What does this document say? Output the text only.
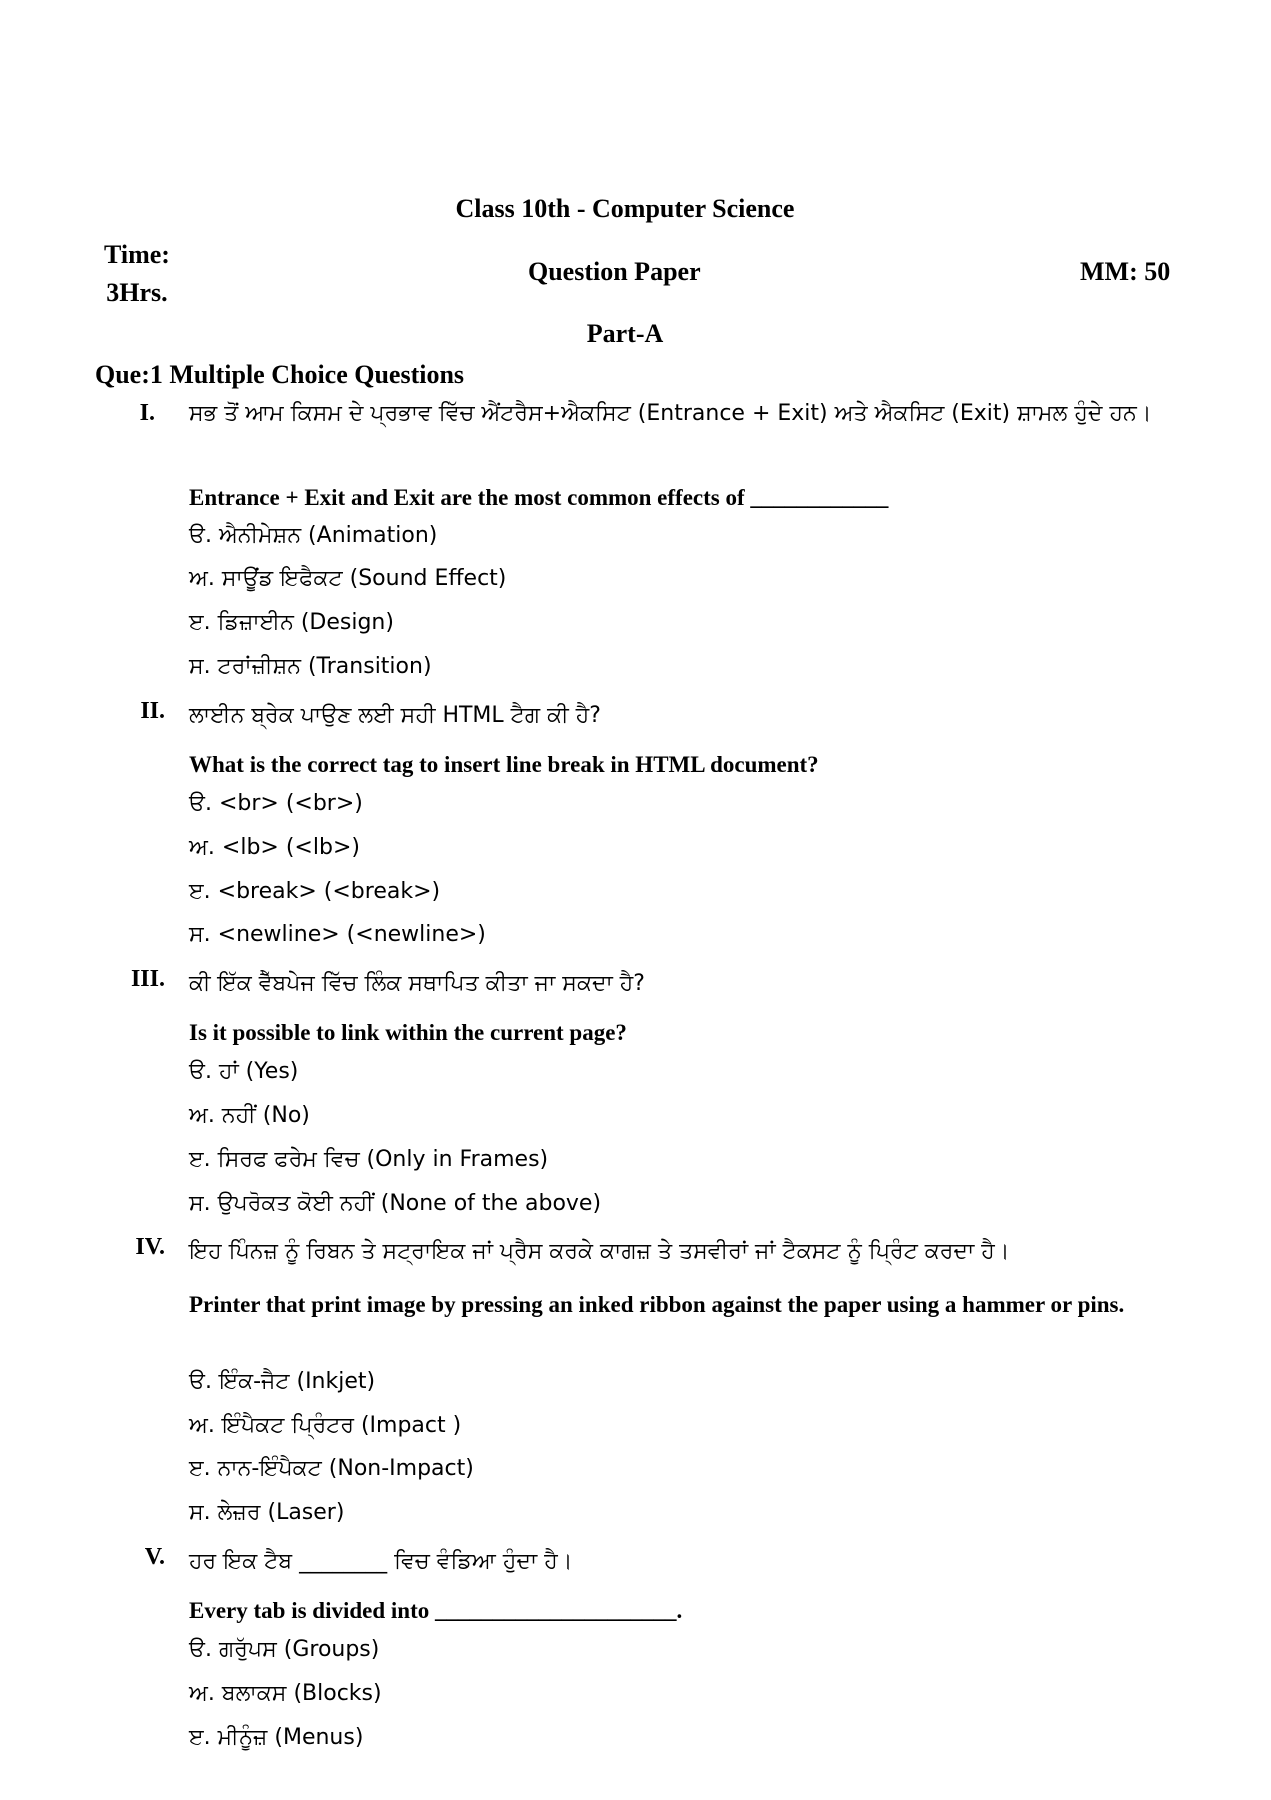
Class 10th - Computer Science
Time: 3Hrs.
Question Paper	MM: 50
Part-A
Que:1 Multiple Choice Questions
I. ਸਭ ਤੋਂ ਆਮ ਕਿਸਮ ਦੇ ਪ੍ਰਭਾਵ ਵਿੱਚ ਐਂਟਰੈਸ+ਐਕਸਿਟ (Entrance + Exit) ਅਤੇ ਐਕਸਿਟ (Exit) ਸ਼ਾਮਲ ਹੁੰਦੇ ਹਨ।
Entrance + Exit and Exit are the most common effects of ____________
ੳ. ਐਨੀਮੇਸ਼ਨ (Animation)
ਅ. ਸਾਊਂਡ ਇਫੈਕਟ (Sound Effect)
ੲ. ਡਿਜ਼ਾਈਨ (Design)
ਸ. ਟਰਾਂਜ਼ੀਸ਼ਨ (Transition)
II. ਲਾਈਨ ਬ੍ਰੇਕ ਪਾਉਣ ਲਈ ਸਹੀ HTML ਟੈਗ ਕੀ ਹੈ?
What is the correct tag to insert line break in HTML document?
ੳ. <br> (<br>)
ਅ. <lb> (<lb>)
ੲ. <break> (<break>)
ਸ. <newline> (<newline>)
III. ਕੀ ਇੱਕ ਵੈੱਬਪੇਜ ਵਿੱਚ ਲਿੰਕ ਸਥਾਪਿਤ ਕੀਤਾ ਜਾ ਸਕਦਾ ਹੈ?
Is it possible to link within the current page?
ੳ. ਹਾਂ (Yes)
ਅ. ਨਹੀਂ (No)
ੲ. ਸਿਰਫ ਫਰੇਮ ਵਿਚ (Only in Frames)
ਸ. ਉਪਰੋਕਤ ਕੋਈ ਨਹੀਂ (None of the above)
IV. ਇਹ ਪਿੰਨਜ਼ ਨੂੰ ਰਿਬਨ ਤੇ ਸਟ੍ਰਾਇਕ ਜਾਂ ਪ੍ਰੈਸ ਕਰਕੇ ਕਾਗਜ਼ ਤੇ ਤਸਵੀਰਾਂ ਜਾਂ ਟੈਕਸਟ ਨੂੰ ਪ੍ਰਿੰਟ ਕਰਦਾ ਹੈ।
Printer that print image by pressing an inked ribbon against the paper using a hammer or pins.
ੳ. ਇੰਕ-ਜੈਟ (Inkjet)
ਅ. ਇੰਪੈਕਟ ਪ੍ਰਿੰਟਰ (Impact )
ੲ. ਨਾਨ-ਇੰਪੈਕਟ (Non-Impact)
ਸ. ਲੇਜ਼ਰ (Laser)
V. ਹਰ ਇਕ ਟੈਬ ________ ਵਿਚ ਵੰਡਿਆ ਹੁੰਦਾ ਹੈ।
Every tab is divided into _____________________.
ੳ. ਗਰੁੱਪਸ (Groups)
ਅ. ਬਲਾਕਸ (Blocks)
ੲ. ਮੀਨੂੰਜ਼ (Menus)
